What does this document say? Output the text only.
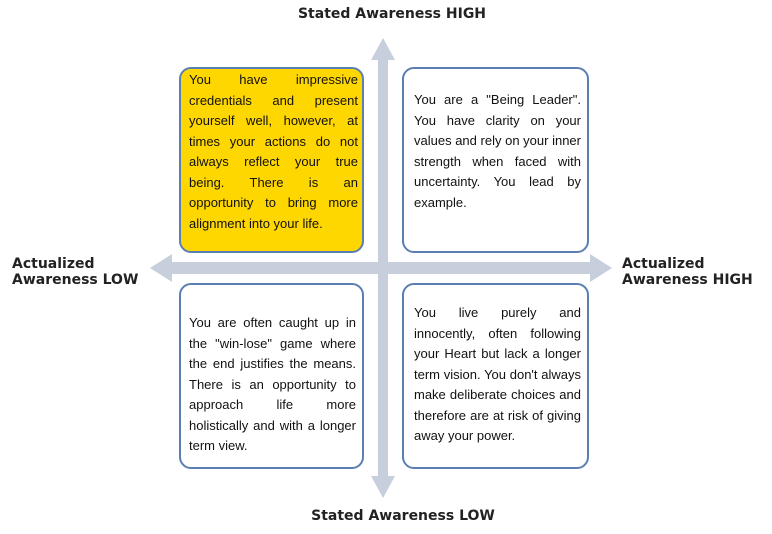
Stated Awareness HIGH
Stated Awareness LOW
Actualized
Awareness LOW
Actualized
Awareness HIGH
You have impressive credentials and present yourself well, however, at times your actions do not always reflect your true being. There is an opportunity to bring more alignment into your life.
You are a "Being Leader". You have clarity on your values and rely on your inner strength when faced with uncertainty. You lead by example.
You are often caught up in the "win-lose" game where the end justifies the means. There is an opportunity to approach life more holistically and with a longer term view.
You live purely and innocently, often following your Heart but lack a longer term vision. You don't always make deliberate choices and therefore are at risk of giving away your power.
